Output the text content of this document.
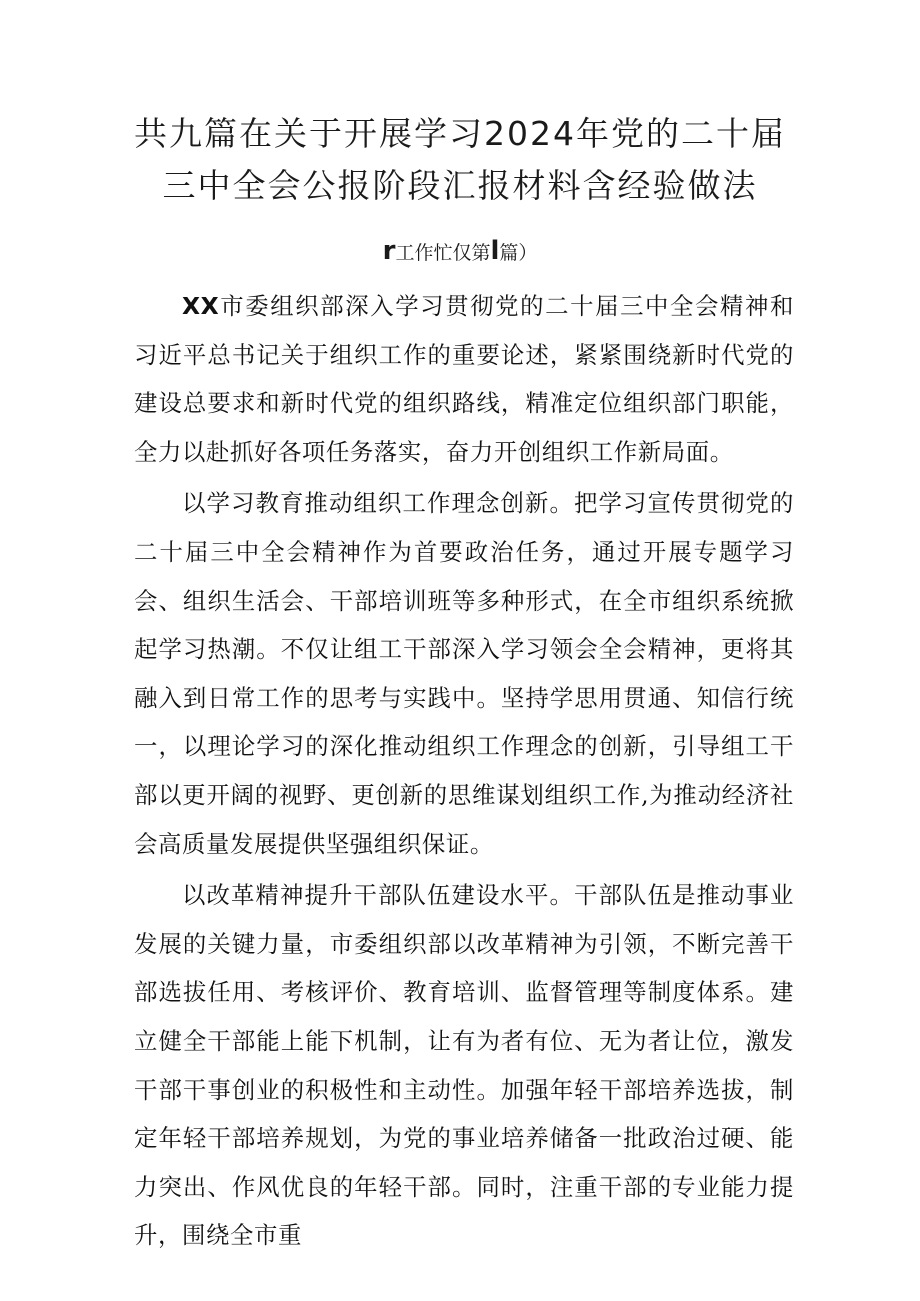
共九篇在关于开展学习2024年党的二十届
三中全会公报阶段汇报材料含经验做法
r工作忙仅第l篇）

XX市委组织部深入学习贯彻党的二十届三中全会精神和习近平总书记关于组织工作的重要论述，紧紧围绕新时代党的建设总要求和新时代党的组织路线，精准定位组织部门职能，全力以赴抓好各项任务落实，奋力开创组织工作新局面。

以学习教育推动组织工作理念创新。把学习宣传贯彻党的二十届三中全会精神作为首要政治任务，通过开展专题学习会、组织生活会、干部培训班等多种形式，在全市组织系统掀起学习热潮。不仅让组工干部深入学习领会全会精神，更将其融入到日常工作的思考与实践中。坚持学思用贯通、知信行统一，以理论学习的深化推动组织工作理念的创新，引导组工干部以更开阔的视野、更创新的思维谋划组织工作,为推动经济社会高质量发展提供坚强组织保证。

以改革精神提升干部队伍建设水平。干部队伍是推动事业发展的关键力量，市委组织部以改革精神为引领，不断完善干部选拔任用、考核评价、教育培训、监督管理等制度体系。建立健全干部能上能下机制，让有为者有位、无为者让位，激发干部干事创业的积极性和主动性。加强年轻干部培养选拔，制定年轻干部培养规划，为党的事业培养储备一批政治过硬、能力突出、作风优良的年轻干部。同时，注重干部的专业能力提升，围绕全市重
